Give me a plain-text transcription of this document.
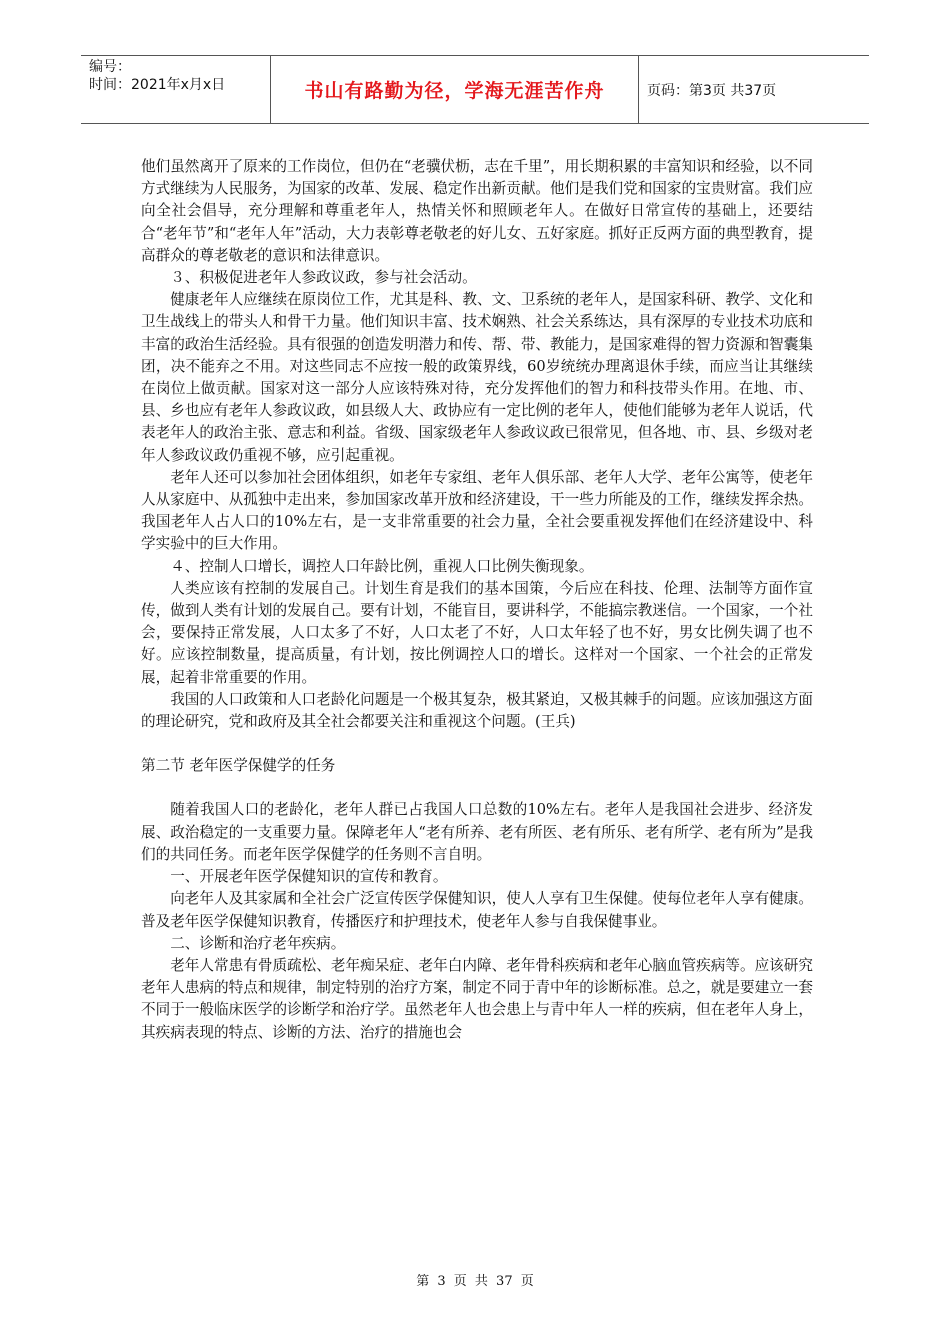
编号：
时间：2021年x月x日	书山有路勤为径，学海无涯苦作舟	页码：第3页 共37页

他们虽然离开了原来的工作岗位，但仍在“老骥伏枥，志在千里”，用长期积累的丰富知识和经验，以不同方式继续为人民服务，为国家的改革、发展、稳定作出新贡献。他们是我们党和国家的宝贵财富。我们应向全社会倡导，充分理解和尊重老年人，热情关怀和照顾老年人。在做好日常宣传的基础上，还要结合“老年节”和“老年人年”活动，大力表彰尊老敬老的好儿女、五好家庭。抓好正反两方面的典型教育，提高群众的尊老敬老的意识和法律意识。

３、积极促进老年人参政议政，参与社会活动。

健康老年人应继续在原岗位工作，尤其是科、教、文、卫系统的老年人，是国家科研、教学、文化和卫生战线上的带头人和骨干力量。他们知识丰富、技术娴熟、社会关系练达，具有深厚的专业技术功底和丰富的政治生活经验。具有很强的创造发明潜力和传、帮、带、教能力，是国家难得的智力资源和智囊集团，决不能弃之不用。对这些同志不应按一般的政策界线，60岁统统办理离退休手续，而应当让其继续在岗位上做贡献。国家对这一部分人应该特殊对待，充分发挥他们的智力和科技带头作用。在地、市、县、乡也应有老年人参政议政，如县级人大、政协应有一定比例的老年人，使他们能够为老年人说话，代表老年人的政治主张、意志和利益。省级、国家级老年人参政议政已很常见，但各地、市、县、乡级对老年人参政议政仍重视不够，应引起重视。

老年人还可以参加社会团体组织，如老年专家组、老年人俱乐部、老年人大学、老年公寓等，使老年人从家庭中、从孤独中走出来，参加国家改革开放和经济建设，干一些力所能及的工作，继续发挥余热。我国老年人占人口的10%左右，是一支非常重要的社会力量，全社会要重视发挥他们在经济建设中、科学实验中的巨大作用。

４、控制人口增长，调控人口年龄比例，重视人口比例失衡现象。

人类应该有控制的发展自己。计划生育是我们的基本国策，今后应在科技、伦理、法制等方面作宣传，做到人类有计划的发展自己。要有计划，不能盲目，要讲科学，不能搞宗教迷信。一个国家，一个社会，要保持正常发展，人口太多了不好，人口太老了不好，人口太年轻了也不好，男女比例失调了也不好。应该控制数量，提高质量，有计划，按比例调控人口的增长。这样对一个国家、一个社会的正常发展，起着非常重要的作用。

我国的人口政策和人口老龄化问题是一个极其复杂，极其紧迫，又极其棘手的问题。应该加强这方面的理论研究，党和政府及其全社会都要关注和重视这个问题。(王兵)

第二节 老年医学保健学的任务

随着我国人口的老龄化，老年人群已占我国人口总数的10%左右。老年人是我国社会进步、经济发展、政治稳定的一支重要力量。保障老年人“老有所养、老有所医、老有所乐、老有所学、老有所为”是我们的共同任务。而老年医学保健学的任务则不言自明。

一、开展老年医学保健知识的宣传和教育。

向老年人及其家属和全社会广泛宣传医学保健知识，使人人享有卫生保健。使每位老年人享有健康。普及老年医学保健知识教育，传播医疗和护理技术，使老年人参与自我保健事业。

二、诊断和治疗老年疾病。

老年人常患有骨质疏松、老年痴呆症、老年白内障、老年骨科疾病和老年心脑血管疾病等。应该研究老年人患病的特点和规律，制定特别的治疗方案，制定不同于青中年的诊断标准。总之，就是要建立一套不同于一般临床医学的诊断学和治疗学。虽然老年人也会患上与青中年人一样的疾病，但在老年人身上，其疾病表现的特点、诊断的方法、治疗的措施也会

第 3 页 共 37 页
